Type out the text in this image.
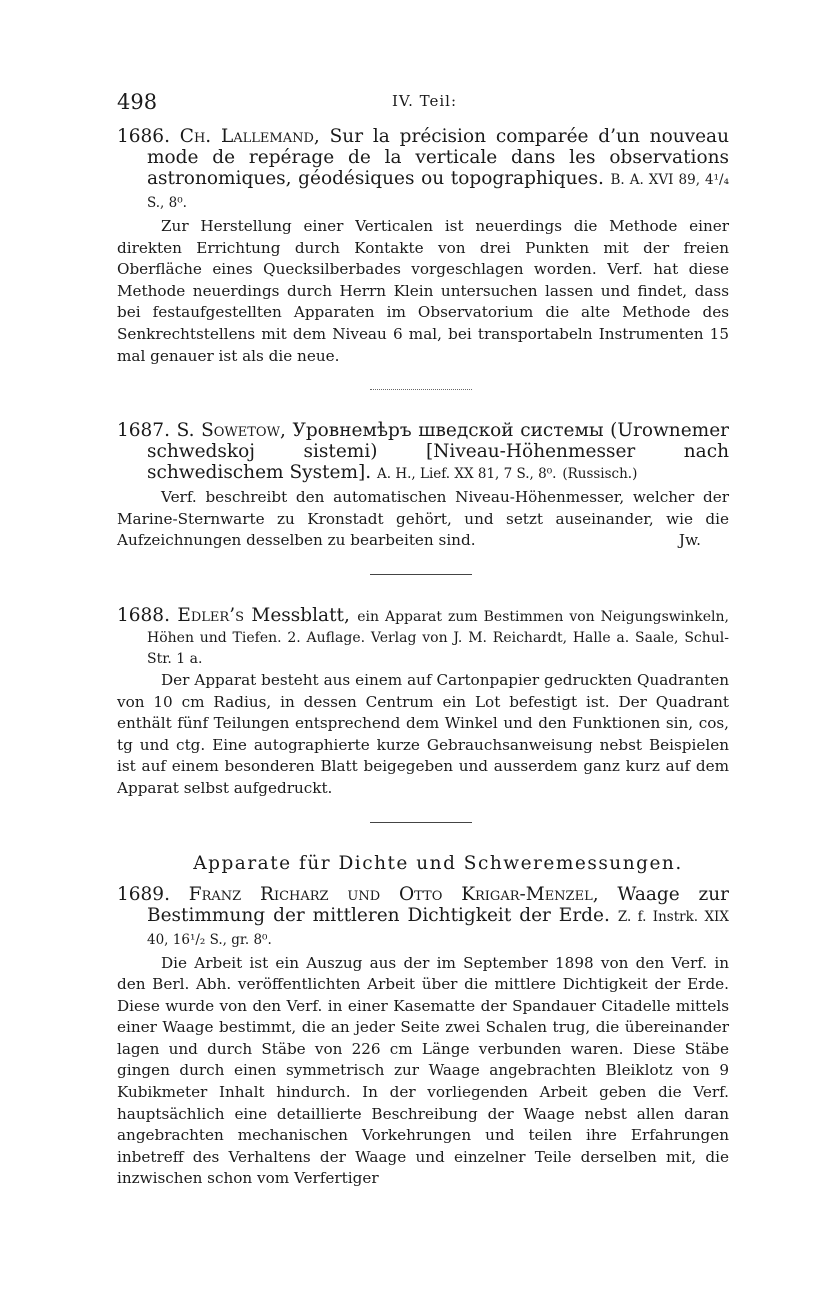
498	IV. Teil:
1686. Ch. Lallemand, Sur la précision comparée d’un nouveau mode de repérage de la verticale dans les observations astronomiques, géodésiques ou topographiques. B. A. XVI 89, 4¹/₄ S., 8⁰.
Zur Herstellung einer Verticalen ist neuerdings die Methode einer direkten Errichtung durch Kontakte von drei Punkten mit der freien Oberfläche eines Quecksilberbades vorgeschlagen worden. Verf. hat diese Methode neuerdings durch Herrn Klein untersuchen lassen und findet, dass bei festaufgestellten Apparaten im Observatorium die alte Methode des Senkrechtstellens mit dem Niveau 6 mal, bei transportabeln Instrumenten 15 mal genauer ist als die neue.
1687. S. Sowetow, Уровнемѣръ шведской системы (Urownemer schwedskoj sistemi) [Niveau-Höhenmesser nach schwedischem System]. A. H., Lief. XX 81, 7 S., 8⁰. (Russisch.)
Verf. beschreibt den automatischen Niveau-Höhenmesser, welcher der Marine-Sternwarte zu Kronstadt gehört, und setzt auseinander, wie die Aufzeichnungen desselben zu bearbeiten sind.	Jw.
1688. Edler’s Messblatt, ein Apparat zum Bestimmen von Neigungswinkeln, Höhen und Tiefen. 2. Auflage. Verlag von J. M. Reichardt, Halle a. Saale, Schul-Str. 1 a.
Der Apparat besteht aus einem auf Cartonpapier gedruckten Quadranten von 10 cm Radius, in dessen Centrum ein Lot befestigt ist. Der Quadrant enthält fünf Teilungen entsprechend dem Winkel und den Funktionen sin, cos, tg und ctg. Eine autographierte kurze Gebrauchsanweisung nebst Beispielen ist auf einem besonderen Blatt beigegeben und ausserdem ganz kurz auf dem Apparat selbst aufgedruckt.
Apparate für Dichte und Schweremessungen.
1689. Franz Richarz und Otto Krigar-Menzel, Waage zur Bestimmung der mittleren Dichtigkeit der Erde. Z. f. Instrk. XIX 40, 16¹/₂ S., gr. 8⁰.
Die Arbeit ist ein Auszug aus der im September 1898 von den Verf. in den Berl. Abh. veröffentlichten Arbeit über die mittlere Dichtigkeit der Erde. Diese wurde von den Verf. in einer Kasematte der Spandauer Citadelle mittels einer Waage bestimmt, die an jeder Seite zwei Schalen trug, die übereinander lagen und durch Stäbe von 226 cm Länge verbunden waren. Diese Stäbe gingen durch einen symmetrisch zur Waage angebrachten Bleiklotz von 9 Kubikmeter Inhalt hindurch. In der vorliegenden Arbeit geben die Verf. hauptsächlich eine detaillierte Beschreibung der Waage nebst allen daran angebrachten mechanischen Vorkehrungen und teilen ihre Erfahrungen inbetreff des Verhaltens der Waage und einzelner Teile derselben mit, die inzwischen schon vom Verfertiger
